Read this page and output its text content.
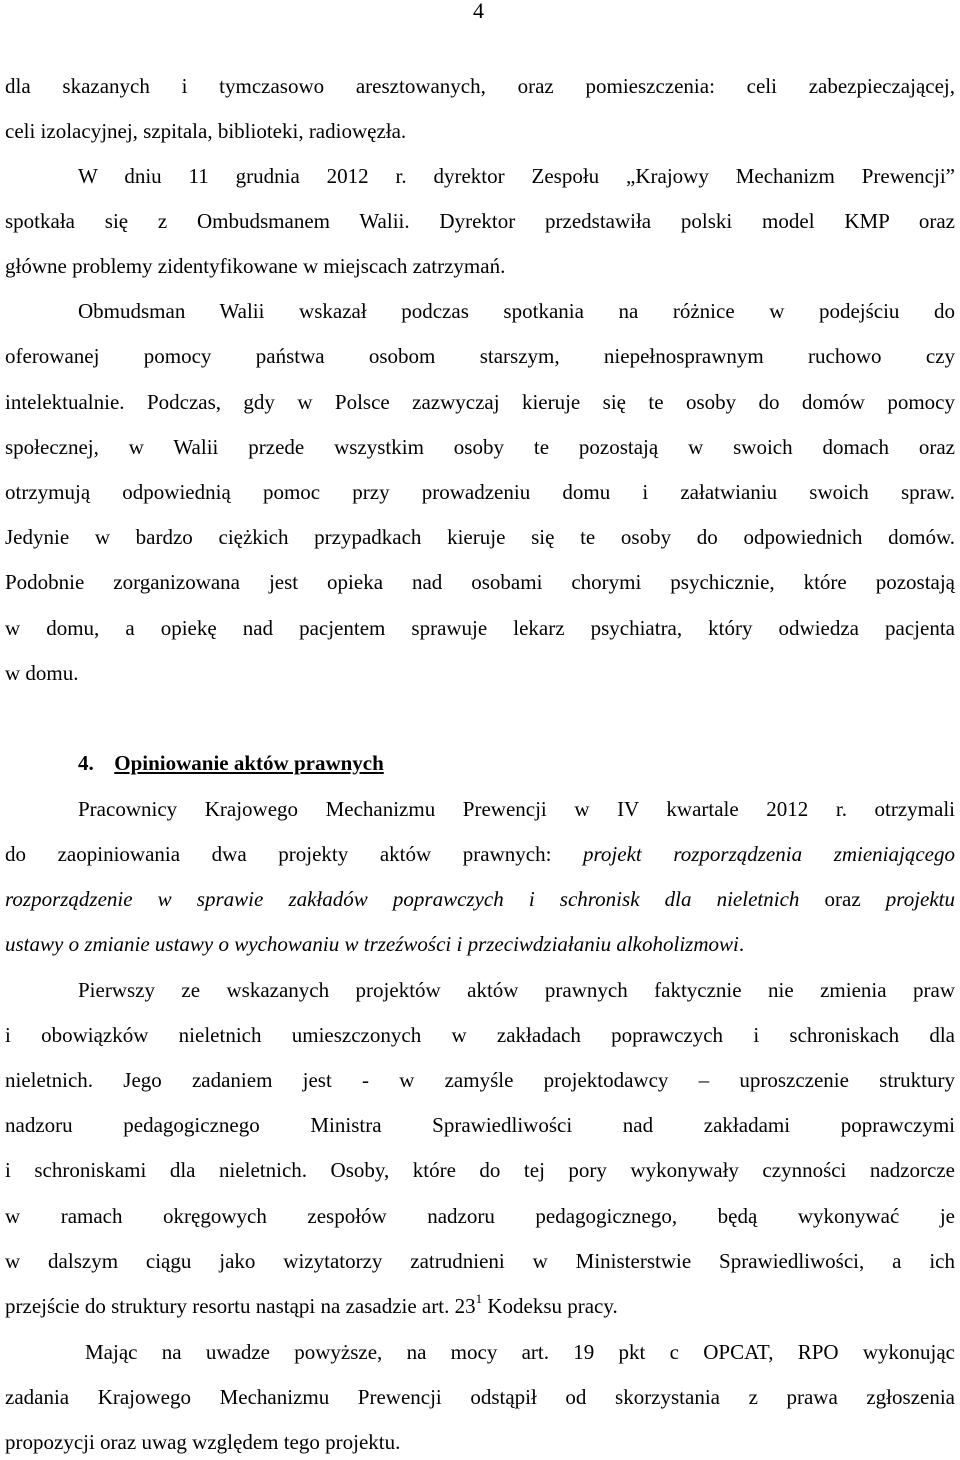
4
dla skazanych i tymczasowo aresztowanych, oraz pomieszczenia: celi zabezpieczającej,
celi izolacyjnej, szpitala, biblioteki, radiowęzła.
W dniu 11 grudnia 2012 r. dyrektor Zespołu „Krajowy Mechanizm Prewencji”
spotkała się z Ombudsmanem Walii. Dyrektor przedstawiła polski model KMP oraz
główne problemy zidentyfikowane w miejscach zatrzymań.
Obmudsman Walii wskazał podczas spotkania na różnice w podejściu do
oferowanej pomocy państwa osobom starszym, niepełnosprawnym ruchowo czy
intelektualnie. Podczas, gdy w Polsce zazwyczaj kieruje się te osoby do domów pomocy
społecznej, w Walii przede wszystkim osoby te pozostają w swoich domach oraz
otrzymują odpowiednią pomoc przy prowadzeniu domu i załatwianiu swoich spraw.
Jedynie w bardzo ciężkich przypadkach kieruje się te osoby do odpowiednich domów.
Podobnie zorganizowana jest opieka nad osobami chorymi psychicznie, które pozostają
w domu, a opiekę nad pacjentem sprawuje lekarz psychiatra, który odwiedza pacjenta
w domu.
4. Opiniowanie aktów prawnych
Pracownicy Krajowego Mechanizmu Prewencji w IV kwartale 2012 r. otrzymali
do zaopiniowania dwa projekty aktów prawnych: projekt rozporządzenia zmieniającego
rozporządzenie w sprawie zakładów poprawczych i schronisk dla nieletnich oraz projektu
ustawy o zmianie ustawy o wychowaniu w trzeźwości i przeciwdziałaniu alkoholizmowi.
Pierwszy ze wskazanych projektów aktów prawnych faktycznie nie zmienia praw
i obowiązków nieletnich umieszczonych w zakładach poprawczych i schroniskach dla
nieletnich. Jego zadaniem jest - w zamyśle projektodawcy – uproszczenie struktury
nadzoru pedagogicznego Ministra Sprawiedliwości nad zakładami poprawczymi
i schroniskami dla nieletnich. Osoby, które do tej pory wykonywały czynności nadzorcze
w ramach okręgowych zespołów nadzoru pedagogicznego, będą wykonywać je
w dalszym ciągu jako wizytatorzy zatrudnieni w Ministerstwie Sprawiedliwości, a ich
przejście do struktury resortu nastąpi na zasadzie art. $23^1$ Kodeksu pracy.
Mając na uwadze powyższe, na mocy art. 19 pkt c OPCAT, RPO wykonując
zadania Krajowego Mechanizmu Prewencji odstąpił od skorzystania z prawa zgłoszenia
propozycji oraz uwag względem tego projektu.
